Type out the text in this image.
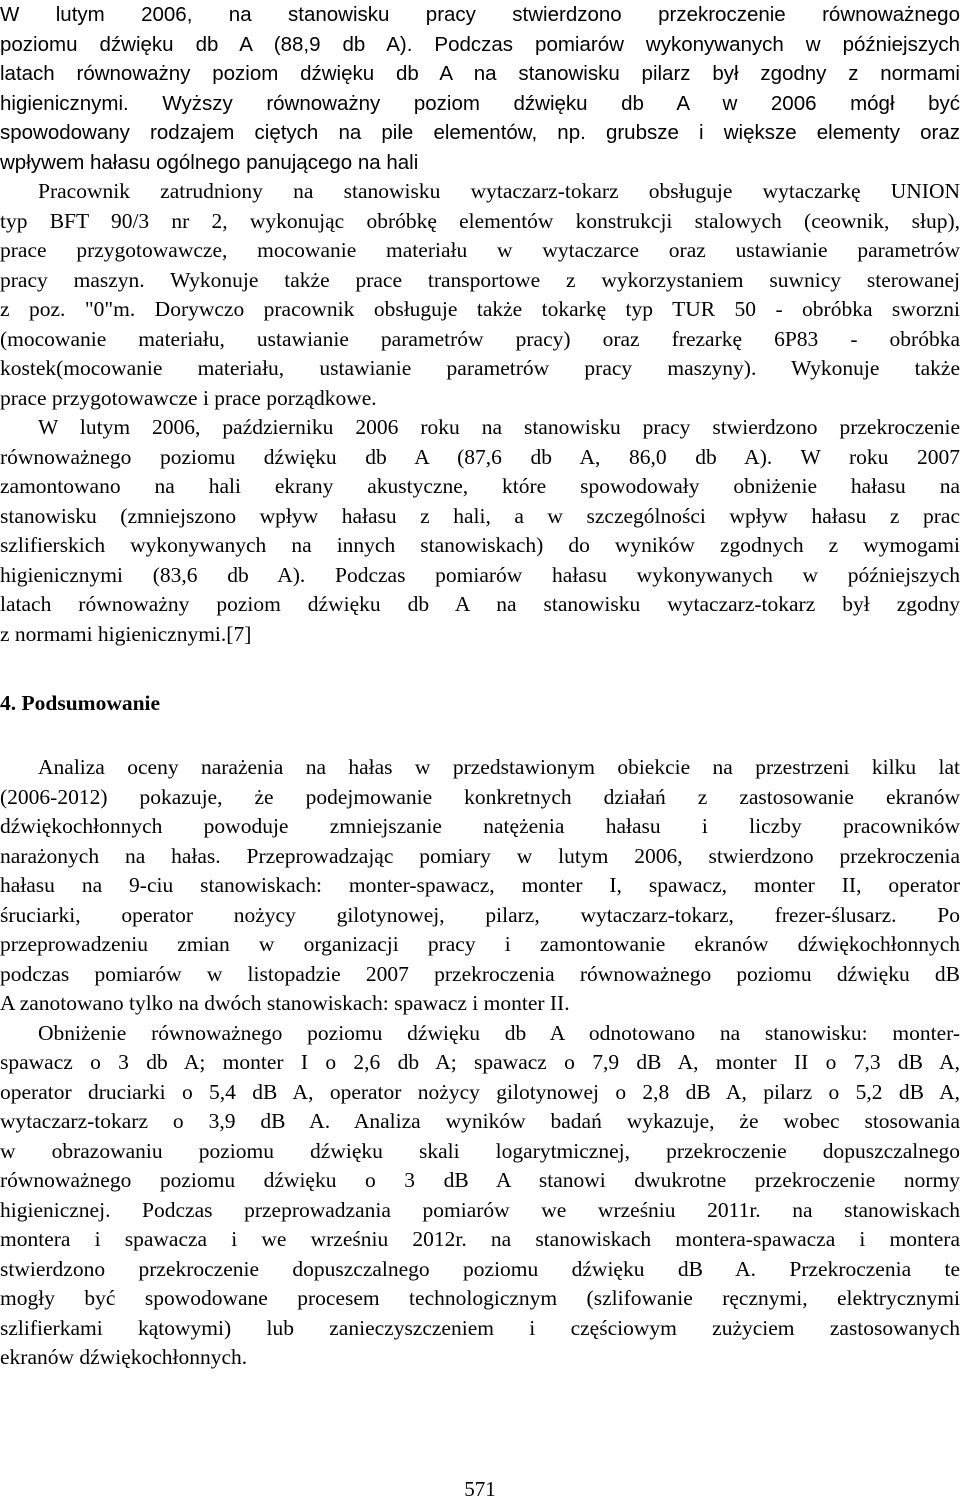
W lutym 2006, na stanowisku pracy stwierdzono przekroczenie równoważnego
poziomu dźwięku db A (88,9 db A). Podczas pomiarów wykonywanych w późniejszych
latach równoważny poziom dźwięku db A na stanowisku pilarz był zgodny z normami
higienicznymi. Wyższy równoważny poziom dźwięku db A w 2006 mógł być
spowodowany rodzajem ciętych na pile elementów, np. grubsze i większe elementy oraz
wpływem hałasu ogólnego panującego na hali
Pracownik zatrudniony na stanowisku wytaczarz-tokarz obsługuje wytaczarkę UNION
typ BFT 90/3 nr 2, wykonując obróbkę elementów konstrukcji stalowych (ceownik, słup),
prace przygotowawcze, mocowanie materiału w wytaczarce oraz ustawianie parametrów
pracy maszyn. Wykonuje także prace transportowe z wykorzystaniem suwnicy sterowanej
z poz. "0"m. Dorywczo pracownik obsługuje także tokarkę typ TUR 50 - obróbka sworzni
(mocowanie materiału, ustawianie parametrów pracy) oraz frezarkę 6P83 - obróbka
kostek(mocowanie materiału, ustawianie parametrów pracy maszyny). Wykonuje także
prace przygotowawcze i prace porządkowe.
W lutym 2006, październiku 2006 roku na stanowisku pracy stwierdzono przekroczenie
równoważnego poziomu dźwięku db A (87,6 db A, 86,0 db A). W roku 2007
zamontowano na hali ekrany akustyczne, które spowodowały obniżenie hałasu na
stanowisku (zmniejszono wpływ hałasu z hali, a w szczególności wpływ hałasu z prac
szlifierskich wykonywanych na innych stanowiskach) do wyników zgodnych z wymogami
higienicznymi (83,6 db A). Podczas pomiarów hałasu wykonywanych w późniejszych
latach równoważny poziom dźwięku db A na stanowisku wytaczarz-tokarz był zgodny
z normami higienicznymi.[7]
4. Podsumowanie
Analiza oceny narażenia na hałas w przedstawionym obiekcie na przestrzeni kilku lat
(2006-2012) pokazuje, że podejmowanie konkretnych działań z zastosowanie ekranów
dźwiękochłonnych powoduje zmniejszanie natężenia hałasu i liczby pracowników
narażonych na hałas. Przeprowadzając pomiary w lutym 2006, stwierdzono przekroczenia
hałasu na 9-ciu stanowiskach: monter-spawacz, monter I, spawacz, monter II, operator
śruciarki, operator nożycy gilotynowej, pilarz, wytaczarz-tokarz, frezer-ślusarz. Po
przeprowadzeniu zmian w organizacji pracy i zamontowanie ekranów dźwiękochłonnych
podczas pomiarów w listopadzie 2007 przekroczenia równoważnego poziomu dźwięku dB
A zanotowano tylko na dwóch stanowiskach: spawacz i monter II.
Obniżenie równoważnego poziomu dźwięku db A odnotowano na stanowisku: monter-
spawacz o 3 db A; monter I o 2,6 db A; spawacz o 7,9 dB A, monter II o 7,3 dB A,
operator druciarki o 5,4 dB A, operator nożycy gilotynowej o 2,8 dB A, pilarz o 5,2 dB A,
wytaczarz-tokarz o 3,9 dB A. Analiza wyników badań wykazuje, że wobec stosowania
w obrazowaniu poziomu dźwięku skali logarytmicznej, przekroczenie dopuszczalnego
równoważnego poziomu dźwięku o 3 dB A stanowi dwukrotne przekroczenie normy
higienicznej. Podczas przeprowadzania pomiarów we wrześniu 2011r. na stanowiskach
montera i spawacza i we wrześniu 2012r. na stanowiskach montera-spawacza i montera
stwierdzono przekroczenie dopuszczalnego poziomu dźwięku dB A. Przekroczenia te
mogły być spowodowane procesem technologicznym (szlifowanie ręcznymi, elektrycznymi
szlifierkami kątowymi) lub zanieczyszczeniem i częściowym zużyciem zastosowanych
ekranów dźwiękochłonnych.
571
